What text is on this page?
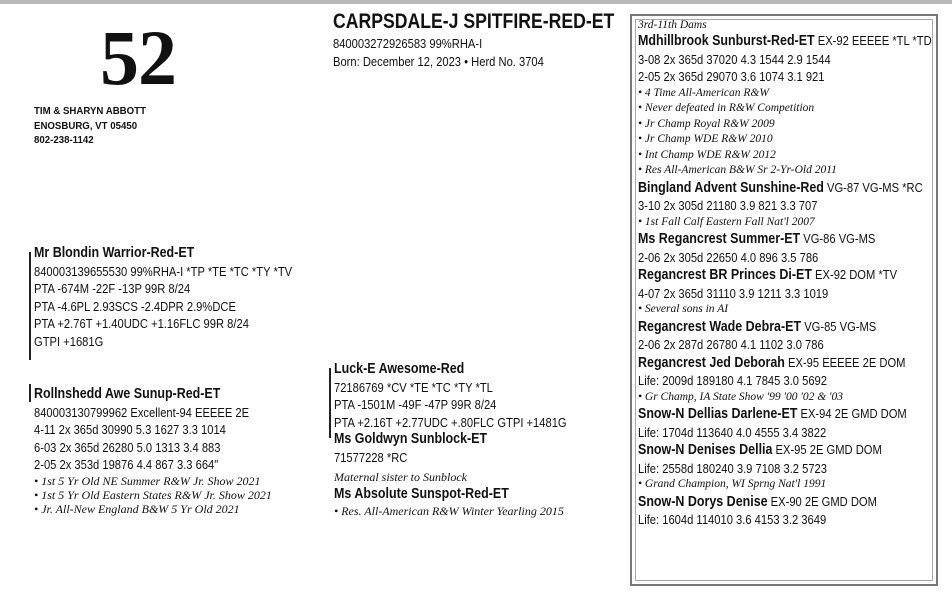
52
TIM & SHARYN ABBOTT
ENOSBURG, VT 05450
802-238-1142
CARPSDALE-J SPITFIRE-RED-ET
840003272926583 99%RHA-I
Born: December 12, 2023 • Herd No. 3704
Mr Blondin Warrior-Red-ET
840003139655530 99%RHA-I *TP *TE *TC *TY *TV
PTA -674M -22F -13P 99R 8/24
PTA -4.6PL 2.93SCS -2.4DPR 2.9%DCE
PTA +2.76T +1.40UDC +1.16FLC 99R 8/24
GTPI +1681G
Rollnshedd Awe Sunup-Red-ET
840003130799962 Excellent-94 EEEEE 2E
4-11 2x 365d 30990 5.3 1627 3.3 1014
6-03 2x 365d 26280 5.0 1313 3.4 883
2-05 2x 353d 19876 4.4 867 3.3 664"
• 1st 5 Yr Old NE Summer R&W Jr. Show 2021
• 1st 5 Yr Old Eastern States R&W Jr. Show 2021
• Jr. All-New England B&W 5 Yr Old 2021
Luck-E Awesome-Red
72186769 *CV *TE *TC *TY *TL
PTA -1501M -49F -47P 99R 8/24
PTA +2.16T +2.77UDC +.80FLC GTPI +1481G
Ms Goldwyn Sunblock-ET
71577228 *RC
Maternal sister to Sunblock
Ms Absolute Sunspot-Red-ET
• Res. All-American R&W Winter Yearling 2015
3rd-11th Dams
Mdhillbrook Sunburst-Red-ET EX-92 EEEEE *TL *TD
3-08 2x 365d 37020 4.3 1544 2.9 1544
2-05 2x 365d 29070 3.6 1074 3.1 921
• 4 Time All-American R&W
• Never defeated in R&W Competition
• Jr Champ Royal R&W 2009
• Jr Champ WDE R&W 2010
• Int Champ WDE R&W 2012
• Res All-American B&W Sr 2-Yr-Old 2011
Bingland Advent Sunshine-Red VG-87 VG-MS *RC
3-10 2x 305d 21180 3.9 821 3.3 707
• 1st Fall Calf Eastern Fall Nat'l 2007
Ms Regancrest Summer-ET VG-86 VG-MS
2-06 2x 305d 22650 4.0 896 3.5 786
Regancrest BR Princes Di-ET EX-92 DOM *TV
4-07 2x 365d 31110 3.9 1211 3.3 1019
• Several sons in AI
Regancrest Wade Debra-ET VG-85 VG-MS
2-06 2x 287d 26780 4.1 1102 3.0 786
Regancrest Jed Deborah EX-95 EEEEE 2E DOM
Life: 2009d 189180 4.1 7845 3.0 5692
• Gr Champ, IA State Show '99 '00 '02 & '03
Snow-N Dellias Darlene-ET EX-94 2E GMD DOM
Life: 1704d 113640 4.0 4555 3.4 3822
Snow-N Denises Dellia EX-95 2E GMD DOM
Life: 2558d 180240 3.9 7108 3.2 5723
• Grand Champion, WI Sprng Nat'l 1991
Snow-N Dorys Denise EX-90 2E GMD DOM
Life: 1604d 114010 3.6 4153 3.2 3649
